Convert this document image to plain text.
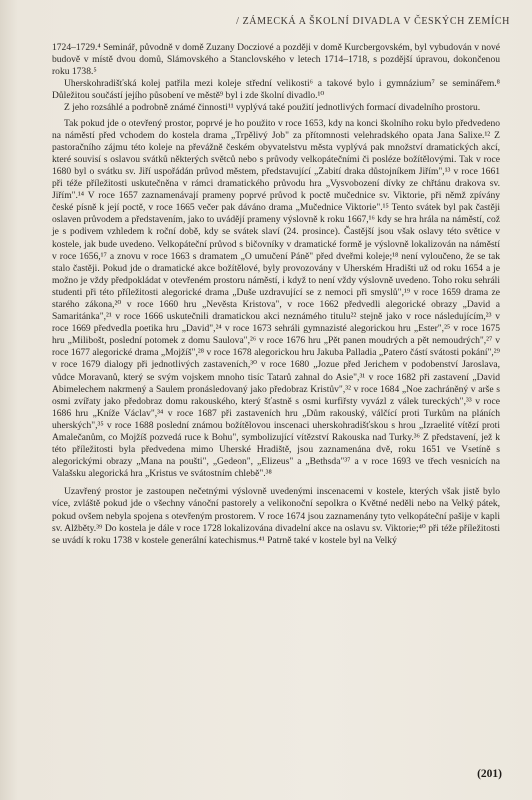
/ ZÁMECKÁ A ŠKOLNÍ DIVADLA V ČESKÝCH ZEMÍCH

1724–1729.⁴ Seminář, původně v domě Zuzany Docziové a později v domě Kurcbergovském, byl vybudován v nové budově v místě dvou domů, Slámovského a Stanclovského v letech 1714–1718, s pozdější úpravou, dokončenou roku 1738.⁵

Uherskohradišťská kolej patřila mezi koleje střední velikosti⁶ a takové bylo i gymnázium⁷ se seminářem.⁸ Důležitou součástí jejího působení ve městě⁹ byl i zde školní divadlo.¹⁰

Z jeho rozsáhlé a podrobně známé činnosti¹¹ vyplývá také použití jednotlivých formací divadelního prostoru.

Tak pokud jde o otevřený prostor, poprvé je ho použito v roce 1653, kdy na konci školního roku bylo předvedeno na náměstí před vchodem do kostela drama „Trpělivý Job" za přítomnosti velehradského opata Jana Salixe.¹² Z pastoračního zájmu této koleje na převážně českém obyvatelstvu města vyplývá pak množství dramatických akcí, které souvisí s oslavou svátků některých světců nebo s průvody velkopátečními či posléze božítělovými. Tak v roce 1680 byl o svátku sv. Jiří uspořádán průvod městem, představující „Zabití draka důstojníkem Jiřím",¹³ v roce 1661 při téže příležitosti uskutečněna v rámci dramatického průvodu hra „Vysvobození dívky ze chřtánu drakova sv. Jiřím".¹⁴ V roce 1657 zaznamenávají prameny poprvé průvod k poctě mučednice sv. Viktorie, při němž zpívány české písně k její poctě, v roce 1665 večer pak dáváno drama „Mučednice Viktorie".¹⁵ Tento svátek byl pak častěji oslaven průvodem a představením, jako to uvádějí prameny výslovně k roku 1667,¹⁶ kdy se hra hrála na náměstí, což je s podivem vzhledem k roční době, kdy se svátek slaví (24. prosince). Častější jsou však oslavy této světice v kostele, jak bude uvedeno. Velkopáteční průvod s bičovníky v dramatické formě je výslovně lokalizován na náměstí v roce 1656,¹⁷ a znovu v roce 1663 s dramatem „O umučení Páně" před dveřmi koleje;¹⁸ není vyloučeno, že se tak stalo častěji. Pokud jde o dramatické akce božítělové, byly provozovány v Uherském Hradišti už od roku 1654 a je možno je vždy předpokládat v otevřeném prostoru náměstí, i když to není vždy výslovně uvedeno. Toho roku sehráli studenti při této příležitosti alegorické drama „Duše uzdravující se z nemoci při smyslů",¹⁹ v roce 1659 drama ze starého zákona,²⁰ v roce 1660 hru „Nevěsta Kristova", v roce 1662 předvedli alegorické obrazy „David a Samaritánka",²¹ v roce 1666 uskutečnili dramatickou akci neznámého titulu²² stejně jako v roce následujícím,²³ v roce 1669 předvedla poetika hru „David",²⁴ v roce 1673 sehráli gymnazisté alegorickou hru „Ester",²⁵ v roce 1675 hru „Milibošt, poslední potomek z domu Saulova",²⁶ v roce 1676 hru „Pět panen moudrých a pět nemoudrých",²⁷ v roce 1677 alegorické drama „Mojžíš",²⁸ v roce 1678 alegorickou hru Jakuba Palladia „Patero částí svátosti pokání",²⁹ v roce 1679 dialogy při jednotlivých zastaveních,³⁰ v roce 1680 „Jozue před Jerichem v podobenství Jaroslava, vůdce Moravanů, který se svým vojskem mnoho tisíc Tatarů zahnal do Asie",³¹ v roce 1682 při zastavení „David Abimelechem nakrmený a Saulem pronásledovaný jako předobraz Kristův",³² v roce 1684 „Noe zachráněný v arše s osmi zvířaty jako předobraz domu rakouského, který šťastně s osmi kurfiřsty vyvázl z válek tureckých",³³ v roce 1686 hru „Kníže Václav",³⁴ v roce 1687 při zastaveních hru „Dům rakouský, válčící proti Turkům na pláních uherských",³⁵ v roce 1688 poslední známou božítělovou inscenaci uherskohradišťskou s hrou „Izraelité vítězí proti Amalečanům, co Mojžíš pozvedá ruce k Bohu", symbolizující vítězství Rakouska nad Turky.³⁶ Z představení, jež k této příležitosti byla předvedena mimo Uherské Hradiště, jsou zaznamenána dvě, roku 1651 ve Vsetíně s alegorickými obrazy „Mana na poušti", „Gedeon", „Elizeus" a „Bethsda"³⁷ a v roce 1693 ve třech vesnicích na Valašsku alegorická hra „Kristus ve svátostním chlebě".³⁸

Uzavřený prostor je zastoupen nečetnými výslovně uvedenými inscenacemi v kostele, kterých však jistě bylo více, zvláště pokud jde o všechny vánoční pastorely a velikonoční sepolkra o Květné neděli nebo na Velký pátek, pokud ovšem nebyla spojena s otevřeným prostorem. V roce 1674 jsou zaznamenány tyto velkopáteční pašije v kapli sv. Alžběty.³⁹ Do kostela je dále v roce 1728 lokalizována divadelní akce na oslavu sv. Viktorie;⁴⁰ při téže příležitosti se uvádí k roku 1738 v kostele generální katechismus.⁴¹ Patrně také v kostele byl na Velký

(201)
